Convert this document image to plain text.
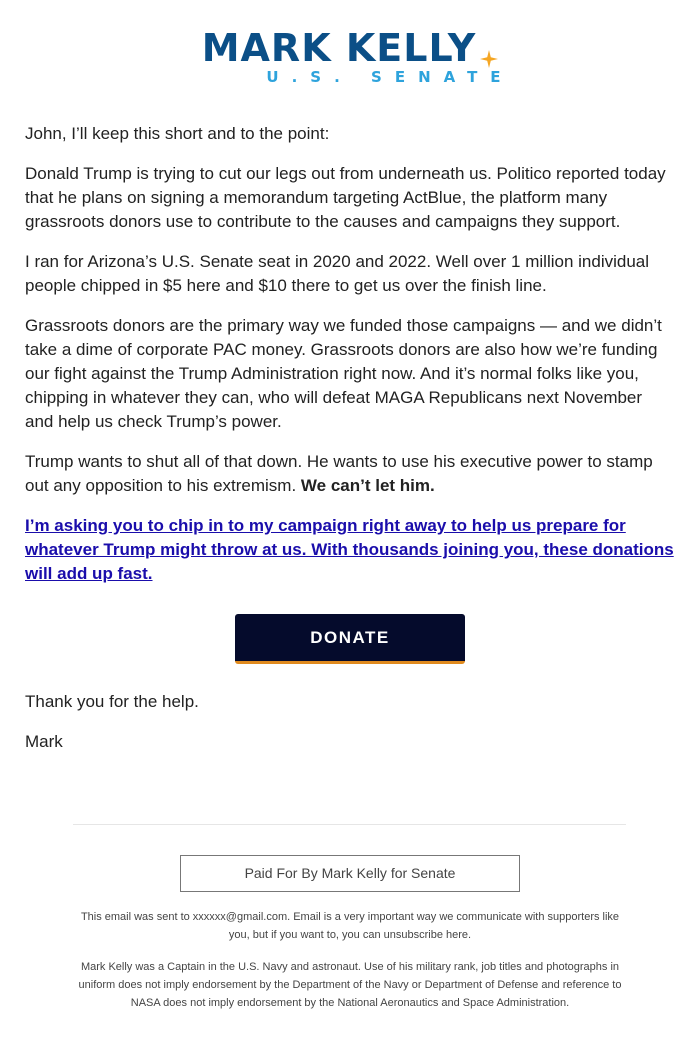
MARK KELLY
U.S. SENATE

John, I’ll keep this short and to the point:

Donald Trump is trying to cut our legs out from underneath us. Politico reported today that he plans on signing a memorandum targeting ActBlue, the platform many grassroots donors use to contribute to the causes and campaigns they support.

I ran for Arizona’s U.S. Senate seat in 2020 and 2022. Well over 1 million individual people chipped in $5 here and $10 there to get us over the finish line.

Grassroots donors are the primary way we funded those campaigns — and we didn’t take a dime of corporate PAC money. Grassroots donors are also how we’re funding our fight against the Trump Administration right now. And it’s normal folks like you, chipping in whatever they can, who will defeat MAGA Republicans next November and help us check Trump’s power.

Trump wants to shut all of that down. He wants to use his executive power to stamp out any opposition to his extremism. We can’t let him.

I’m asking you to chip in to my campaign right away to help us prepare for whatever Trump might throw at us. With thousands joining you, these donations will add up fast.

DONATE

Thank you for the help.

Mark

Paid For By Mark Kelly for Senate
This email was sent to xxxxxx@gmail.com. Email is a very important way we communicate with supporters like you, but if you want to, you can unsubscribe here.
Mark Kelly was a Captain in the U.S. Navy and astronaut. Use of his military rank, job titles and photographs in uniform does not imply endorsement by the Department of the Navy or Department of Defense and reference to NASA does not imply endorsement by the National Aeronautics and Space Administration.
